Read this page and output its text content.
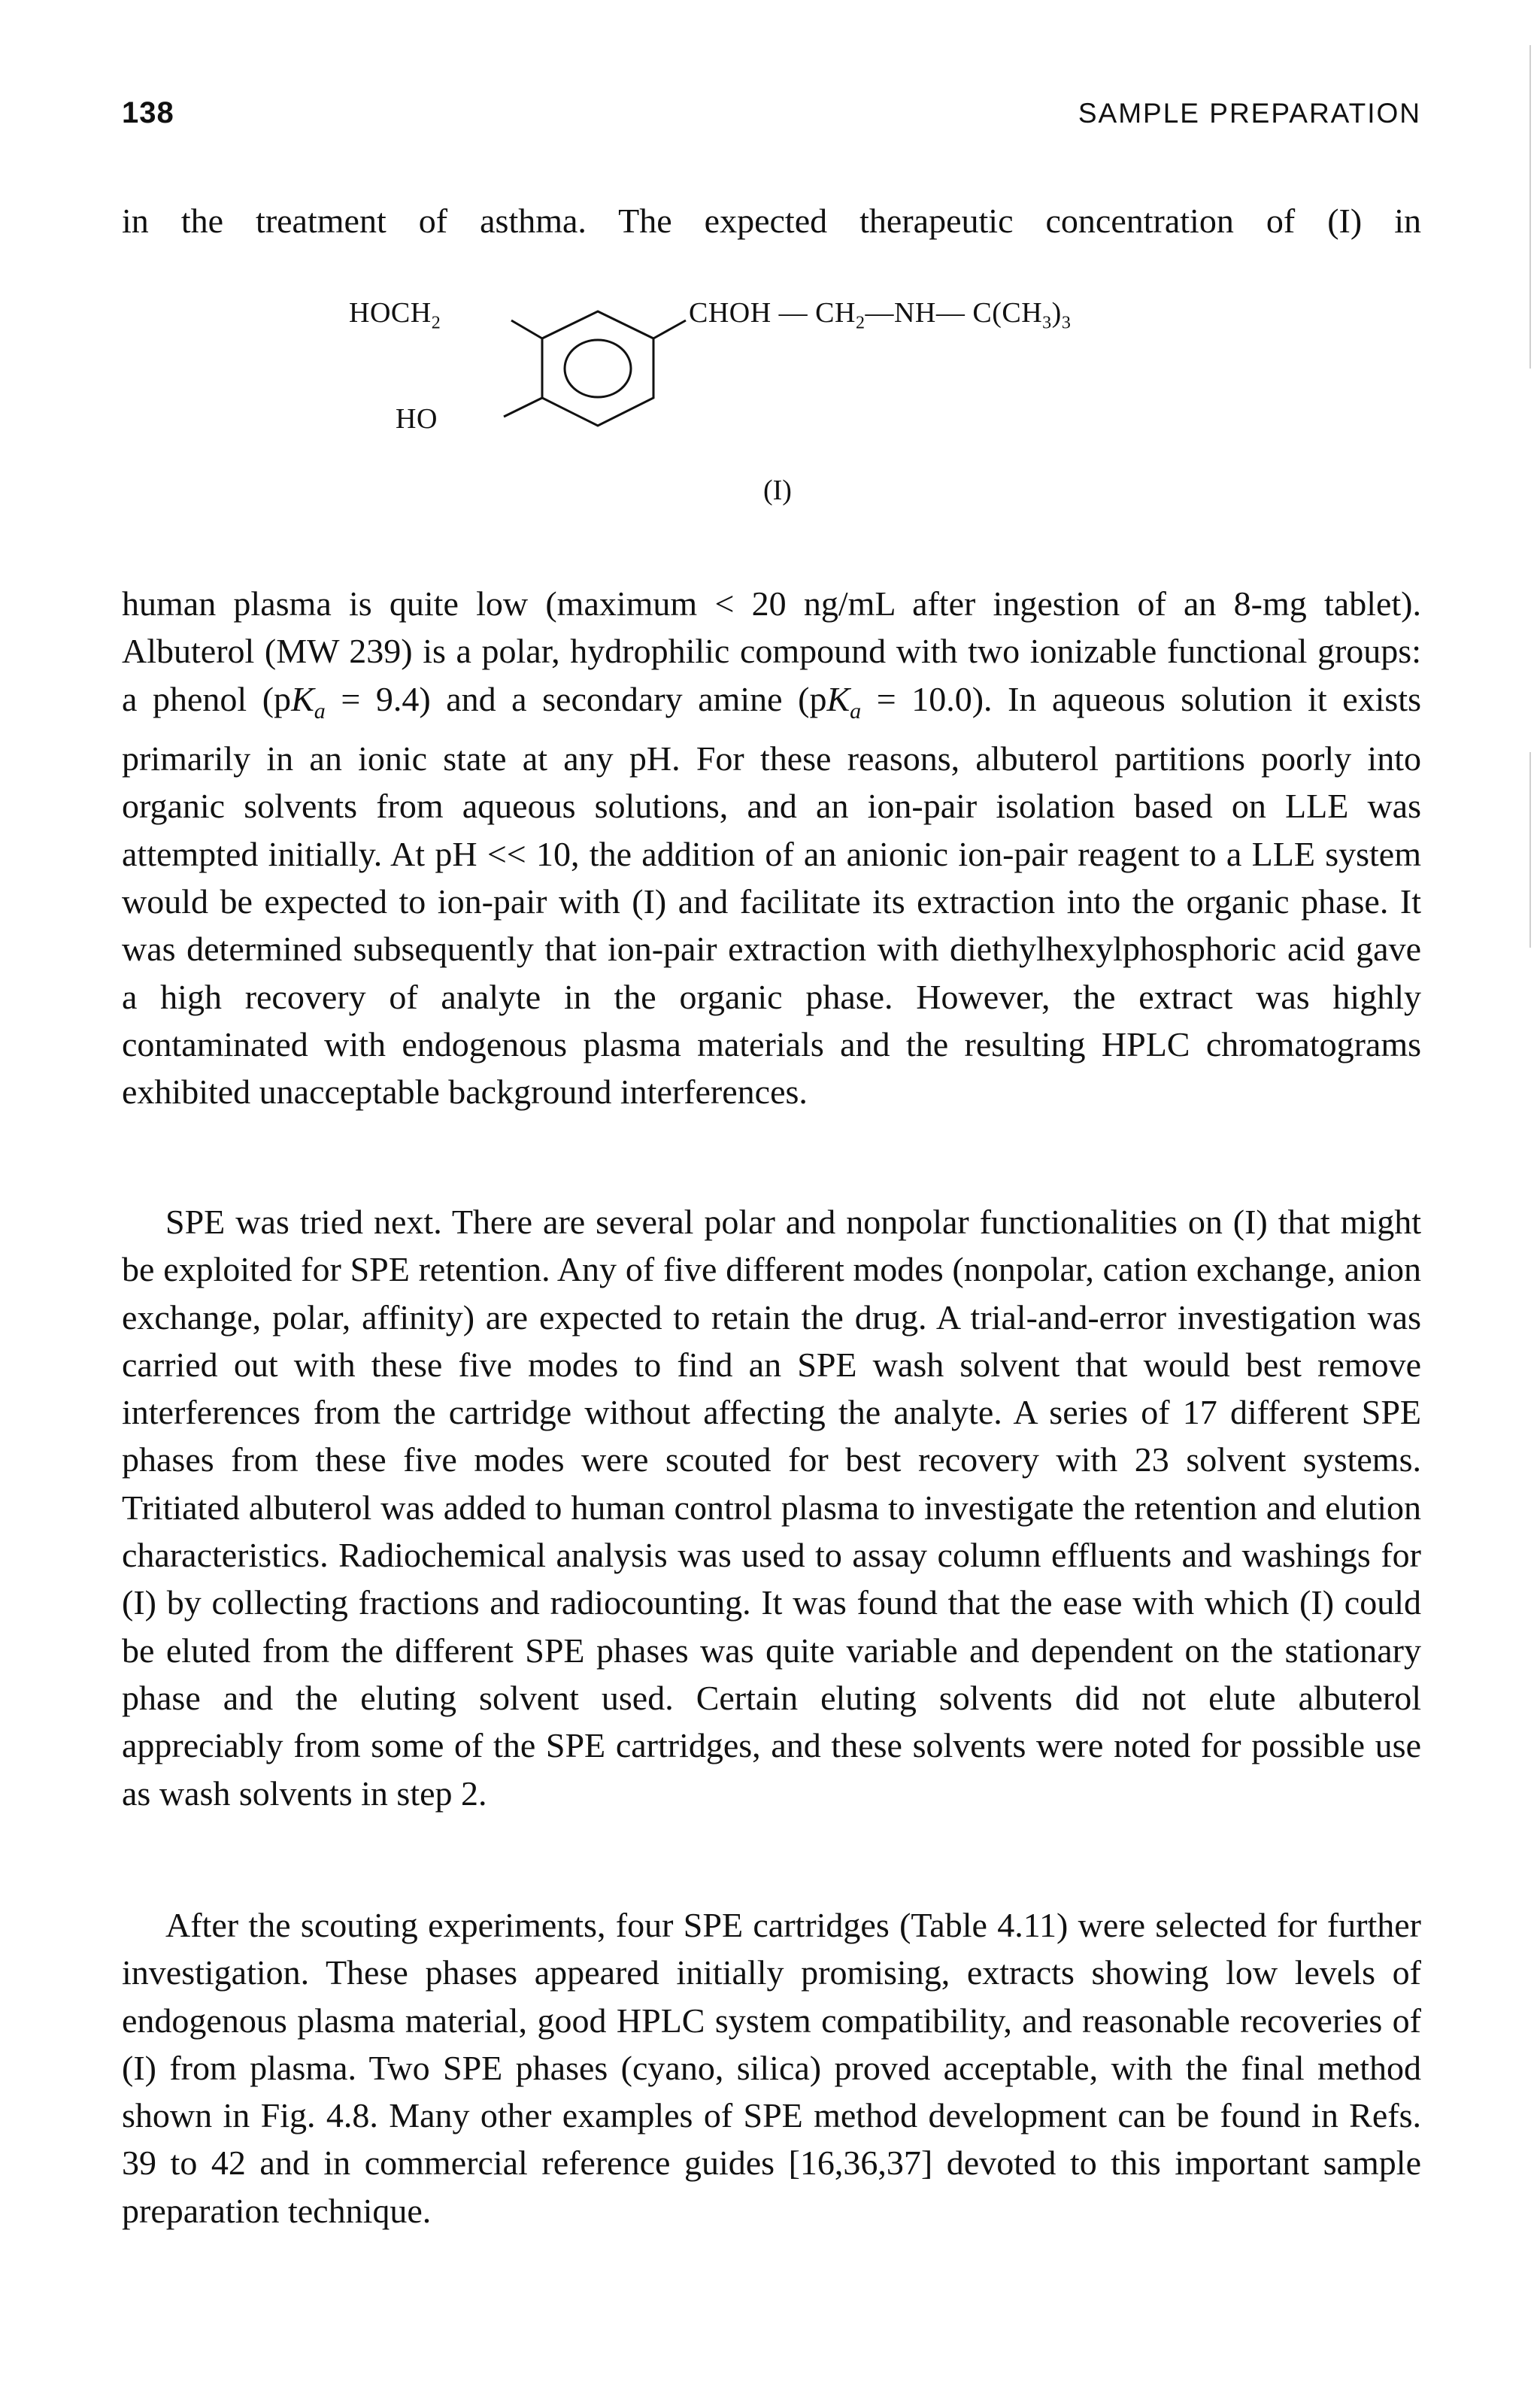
138	SAMPLE PREPARATION
in the treatment of asthma. The expected therapeutic concentration of (I) in
$HOCH_2$
HO
CHOH — $CH_2—NH—$ $C(CH_3)_3$
(I)

human plasma is quite low (maximum < 20 ng/mL after ingestion of an 8-mg tablet). Albuterol (MW 239) is a polar, hydrophilic compound with two ionizable functional groups: a phenol $(pK_a = 9.4)$ and a secondary amine $(pK_a = 10.0)$. In aqueous solution it exists primarily in an ionic state at any pH. For these reasons, albuterol partitions poorly into organic solvents from aqueous solutions, and an ion-pair isolation based on LLE was attempted initially. At pH << 10, the addition of an anionic ion-pair reagent to a LLE system would be expected to ion-pair with (I) and facilitate its extraction into the organic phase. It was determined subsequently that ion-pair extraction with diethylhexylphosphoric acid gave a high recovery of analyte in the organic phase. However, the extract was highly contaminated with endogenous plasma materials and the resulting HPLC chromatograms exhibited unacceptable background interferences.

SPE was tried next. There are several polar and nonpolar functionalities on (I) that might be exploited for SPE retention. Any of five different modes (nonpolar, cation exchange, anion exchange, polar, affinity) are expected to retain the drug. A trial-and-error investigation was carried out with these five modes to find an SPE wash solvent that would best remove interferences from the cartridge without affecting the analyte. A series of 17 different SPE phases from these five modes were scouted for best recovery with 23 solvent systems. Tritiated albuterol was added to human control plasma to investigate the retention and elution characteristics. Radiochemical analysis was used to assay column effluents and washings for (I) by collecting fractions and radiocounting. It was found that the ease with which (I) could be eluted from the different SPE phases was quite variable and dependent on the stationary phase and the eluting solvent used. Certain eluting solvents did not elute albuterol appreciably from some of the SPE cartridges, and these solvents were noted for possible use as wash solvents in step 2.

After the scouting experiments, four SPE cartridges (Table 4.11) were selected for further investigation. These phases appeared initially promising, extracts showing low levels of endogenous plasma material, good HPLC system compatibility, and reasonable recoveries of (I) from plasma. Two SPE phases (cyano, silica) proved acceptable, with the final method shown in Fig. 4.8. Many other examples of SPE method development can be found in Refs. 39 to 42 and in commercial reference guides [16,36,37] devoted to this important sample preparation technique.
